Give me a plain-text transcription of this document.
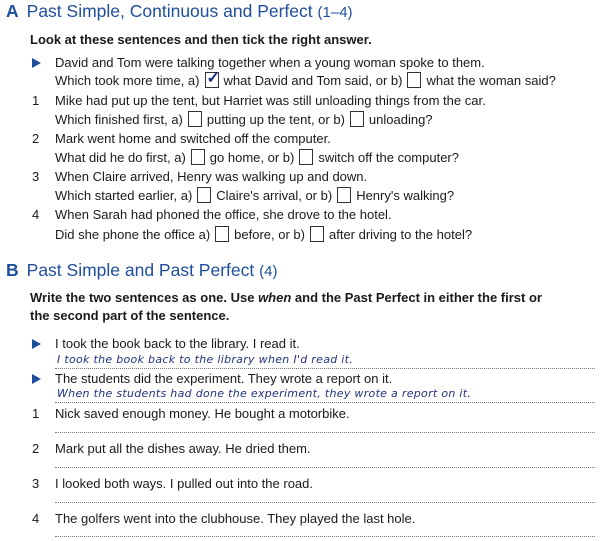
A Past Simple, Continuous and Perfect (1–4)
Look at these sentences and then tick the right answer.
David and Tom were talking together when a young woman spoke to them.
Which took more time, a) ✓ what David and Tom said, or b) what the woman said?
1	Mike had put up the tent, but Harriet was still unloading things from the car.
Which finished first, a) putting up the tent, or b) unloading?
2	Mark went home and switched off the computer.
What did he do first, a) go home, or b) switch off the computer?
3	When Claire arrived, Henry was walking up and down.
Which started earlier, a) Claire's arrival, or b) Henry's walking?
4	When Sarah had phoned the office, she drove to the hotel.
Did she phone the office a) before, or b) after driving to the hotel?
B Past Simple and Past Perfect (4)
Write the two sentences as one. Use when and the Past Perfect in either the first or
the second part of the sentence.
I took the book back to the library. I read it.
I took the book back to the library when I'd read it.
The students did the experiment. They wrote a report on it.
When the students had done the experiment, they wrote a report on it.
1	Nick saved enough money. He bought a motorbike.
2	Mark put all the dishes away. He dried them.
3	I looked both ways. I pulled out into the road.
4	The golfers went into the clubhouse. They played the last hole.
